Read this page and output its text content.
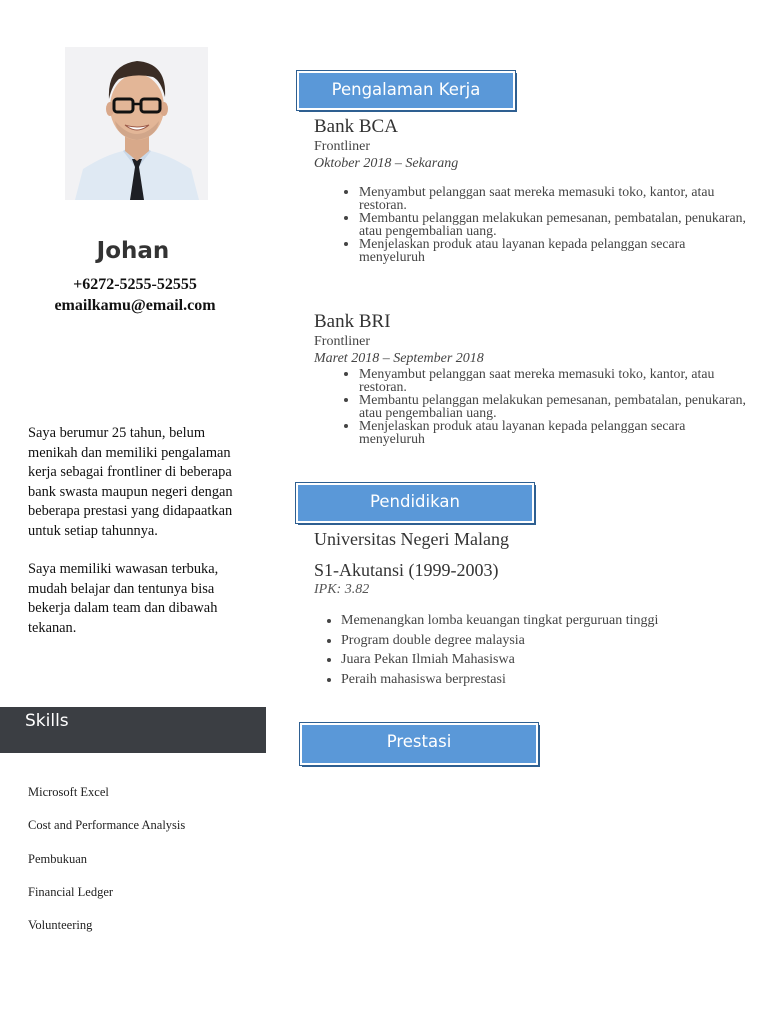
Johan
+6272-5255-52555
emailkamu@email.com

Saya berumur 25 tahun, belum menikah dan memiliki pengalaman kerja sebagai frontliner di beberapa bank swasta maupun negeri dengan beberapa prestasi yang didapaatkan untuk setiap tahunnya.

Saya memiliki wawasan terbuka, mudah belajar dan tentunya bisa bekerja dalam team dan dibawah tekanan.

Skills
Microsoft Excel
Cost and Performance Analysis
Pembukuan
Financial Ledger
Volunteering
Pengalaman Kerja
Bank BCA
Frontliner
Oktober 2018 – Sekarang
• Menyambut pelanggan saat mereka memasuki toko, kantor, atau restoran.
• Membantu pelanggan melakukan pemesanan, pembatalan, penukaran, atau pengembalian uang.
• Menjelaskan produk atau layanan kepada pelanggan secara menyeluruh
Bank BRI
Frontliner
Maret 2018 – September 2018
• Menyambut pelanggan saat mereka memasuki toko, kantor, atau restoran.
• Membantu pelanggan melakukan pemesanan, pembatalan, penukaran, atau pengembalian uang.
• Menjelaskan produk atau layanan kepada pelanggan secara menyeluruh
Pendidikan
Universitas Negeri Malang
S1-Akutansi (1999-2003)
IPK: 3.82
• Memenangkan lomba keuangan tingkat perguruan tinggi
• Program double degree malaysia
• Juara Pekan Ilmiah Mahasiswa
• Peraih mahasiswa berprestasi
Prestasi
